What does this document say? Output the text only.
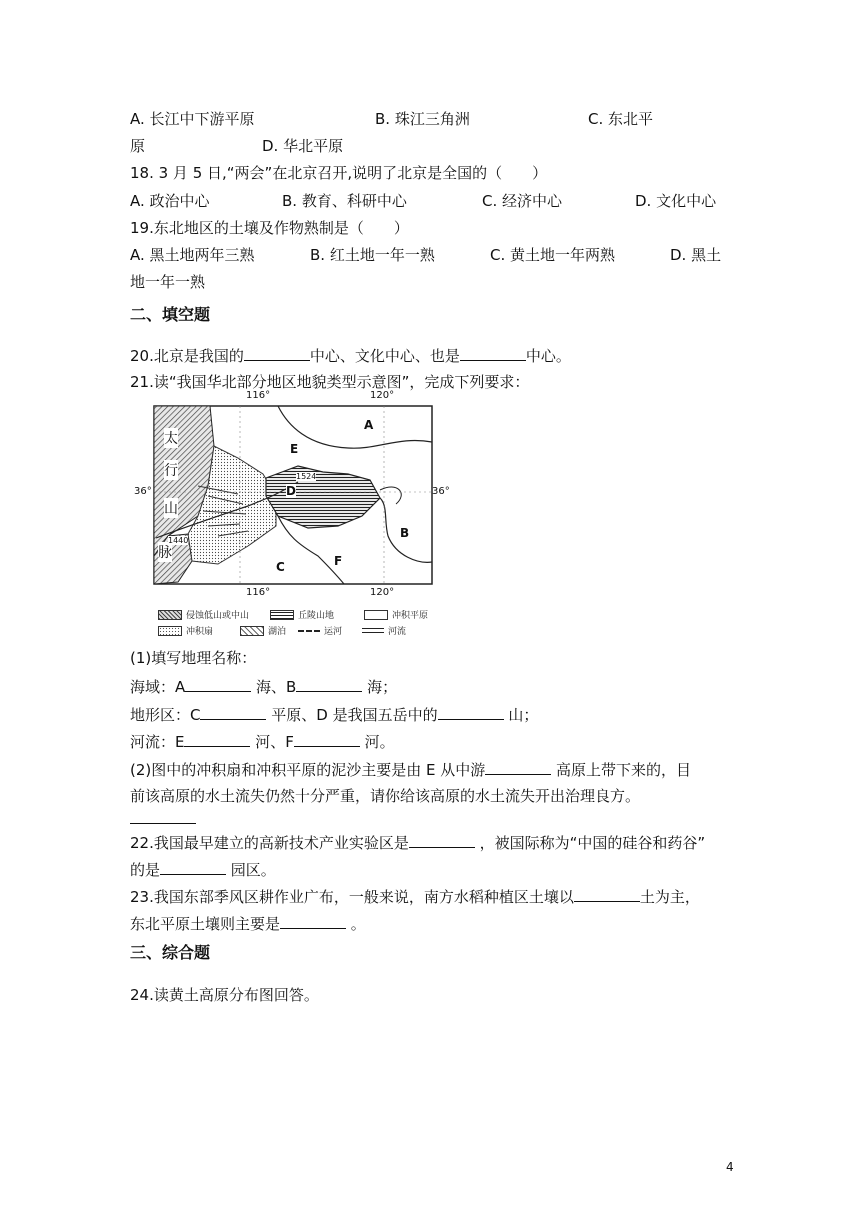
A. 长江中下游平原	B. 珠江三角洲	C. 东北平
原	D. 华北平原
18. 3 月 5 日,“两会”在北京召开,说明了北京是全国的（　　）
A. 政治中心	B. 教育、科研中心	C. 经济中心	D. 文化中心
19.东北地区的土壤及作物熟制是（　　）
A. 黑土地两年三熟	B. 红土地一年一熟	C. 黄土地一年两熟	D. 黑土
地一年一熟
二、填空题
20.北京是我国的	中心、文化中心、也是	中心。
21.读“我国华北部分地区地貌类型示意图”，完成下列要求：
116°	120°
116°	120°
36°	36°
太
行
山
脉
A
B
C
D
E
F
1524
1440
侵蚀低山或中山	丘陵山地	冲积平原
冲积扇	湖泊	运河	河流
(1)填写地理名称：
海域：A	海、B	海；
地形区：C	平原、D 是我国五岳中的	山；
河流：E	河、F	河。
(2)图中的冲积扇和冲积平原的泥沙主要是由 E 从中游	高原上带下来的，目
前该高原的水土流失仍然十分严重，请你给该高原的水土流失开出治理良方。
22.我国最早建立的高新技术产业实验区是	，被国际称为“中国的硅谷和药谷”
的是	园区。
23.我国东部季风区耕作业广布，一般来说，南方水稻种植区土壤以	土为主，
东北平原土壤则主要是	。
三、综合题
24.读黄土高原分布图回答。
4
